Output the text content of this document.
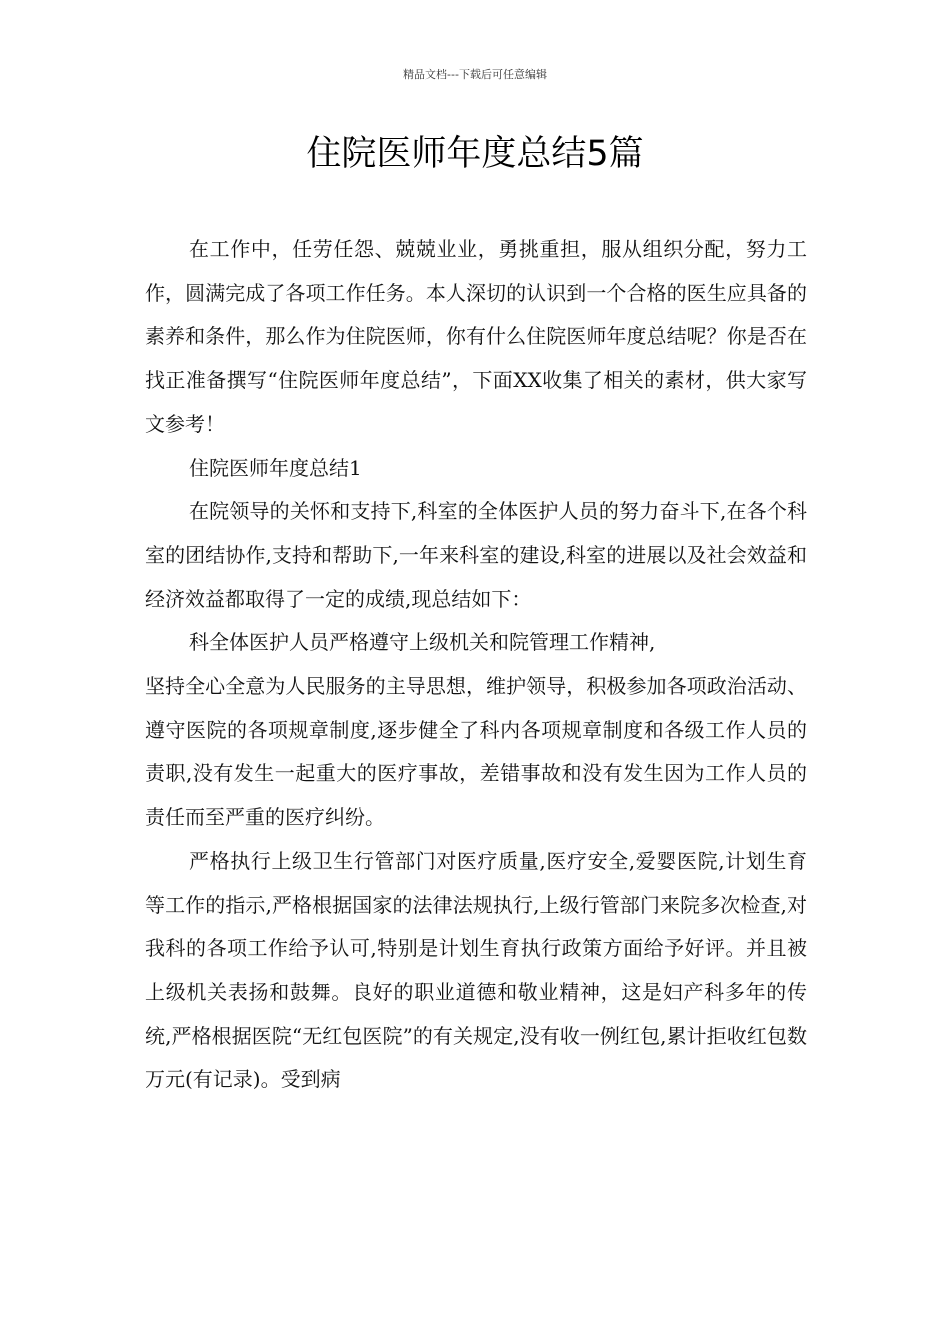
精品文档---下载后可任意编辑
住院医师年度总结5篇

在工作中，任劳任怨、兢兢业业，勇挑重担，服从组织分配，努力工作，圆满完成了各项工作任务。本人深切的认识到一个合格的医生应具备的素养和条件，那么作为住院医师，你有什么住院医师年度总结呢？你是否在找正准备撰写“住院医师年度总结”，下面XX收集了相关的素材，供大家写文参考！

住院医师年度总结1

在院领导的关怀和支持下,科室的全体医护人员的努力奋斗下,在各个科室的团结协作,支持和帮助下,一年来科室的建设,科室的进展以及社会效益和经济效益都取得了一定的成绩,现总结如下：

科全体医护人员严格遵守上级机关和院管理工作精神,

坚持全心全意为人民服务的主导思想，维护领导，积极参加各项政治活动、遵守医院的各项规章制度,逐步健全了科内各项规章制度和各级工作人员的责职,没有发生一起重大的医疗事故，差错事故和没有发生因为工作人员的责任而至严重的医疗纠纷。

严格执行上级卫生行管部门对医疗质量,医疗安全,爱婴医院,计划生育等工作的指示,严格根据国家的法律法规执行,上级行管部门来院多次检查,对我科的各项工作给予认可,特别是计划生育执行政策方面给予好评。并且被上级机关表扬和鼓舞。良好的职业道德和敬业精神，这是妇产科多年的传统,严格根据医院“无红包医院”的有关规定,没有收一例红包,累计拒收红包数万元(有记录)。受到病
